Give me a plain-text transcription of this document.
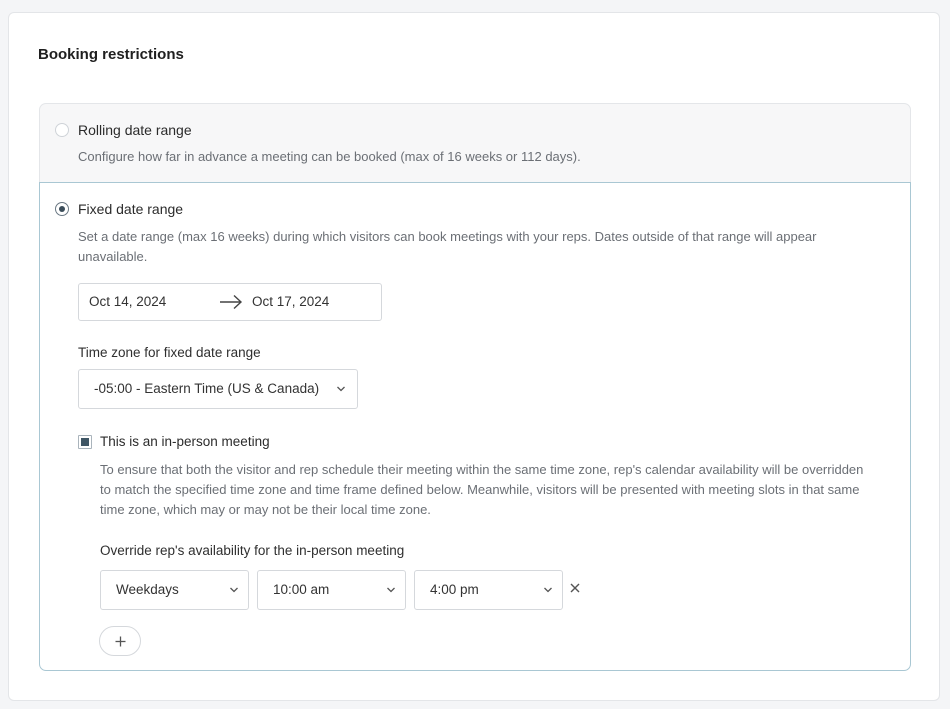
Booking restrictions
Rolling date range
Configure how far in advance a meeting can be booked (max of 16 weeks or 112 days).
Fixed date range
Set a date range (max 16 weeks) during which visitors can book meetings with your reps. Dates outside of that range will appear unavailable.
Oct 14, 2024	Oct 17, 2024
Time zone for fixed date range
-05:00 - Eastern Time (US & Canada)
This is an in-person meeting
To ensure that both the visitor and rep schedule their meeting within the same time zone, rep's calendar availability will be overridden to match the specified time zone and time frame defined below. Meanwhile, visitors will be presented with meeting slots in that same time zone, which may or may not be their local time zone.
Override rep's availability for the in-person meeting
Weekdays	10:00 am	4:00 pm
